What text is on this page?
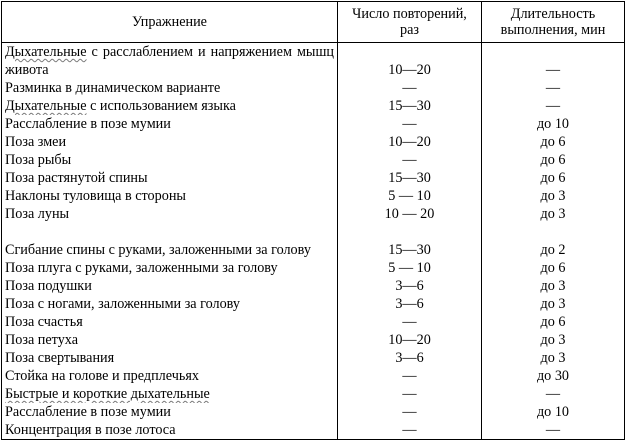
Упражнение	Число повторений, раз	Длительность выполнения, мин
Дыхательные с расслаблением и напряжением мышц живота	10—20	—
Разминка в динамическом варианте	—	—
Дыхательные с использованием языка	15—30	—
Расслабление в позе мумии	—	до 10
Поза змеи	10—20	до 6
Поза рыбы	—	до 6
Поза растянутой спины	15—30	до 6
Наклоны туловища в стороны	5 — 10	до 3
Поза луны	10 — 20	до 3
Сгибание спины с руками, заложенными за голову	15—30	до 2
Поза плуга с руками, заложенными за голову	5 — 10	до 6
Поза подушки	3—6	до 3
Поза с ногами, заложенными за голову	3—6	до 3
Поза счастья	—	до 6
Поза петуха	10—20	до 3
Поза свертывания	3—6	до 3
Стойка на голове и предплечьях	—	до 30
Быстрые и короткие дыхательные	—	—
Расслабление в позе мумии	—	до 10
Концентрация в позе лотоса	—	—
